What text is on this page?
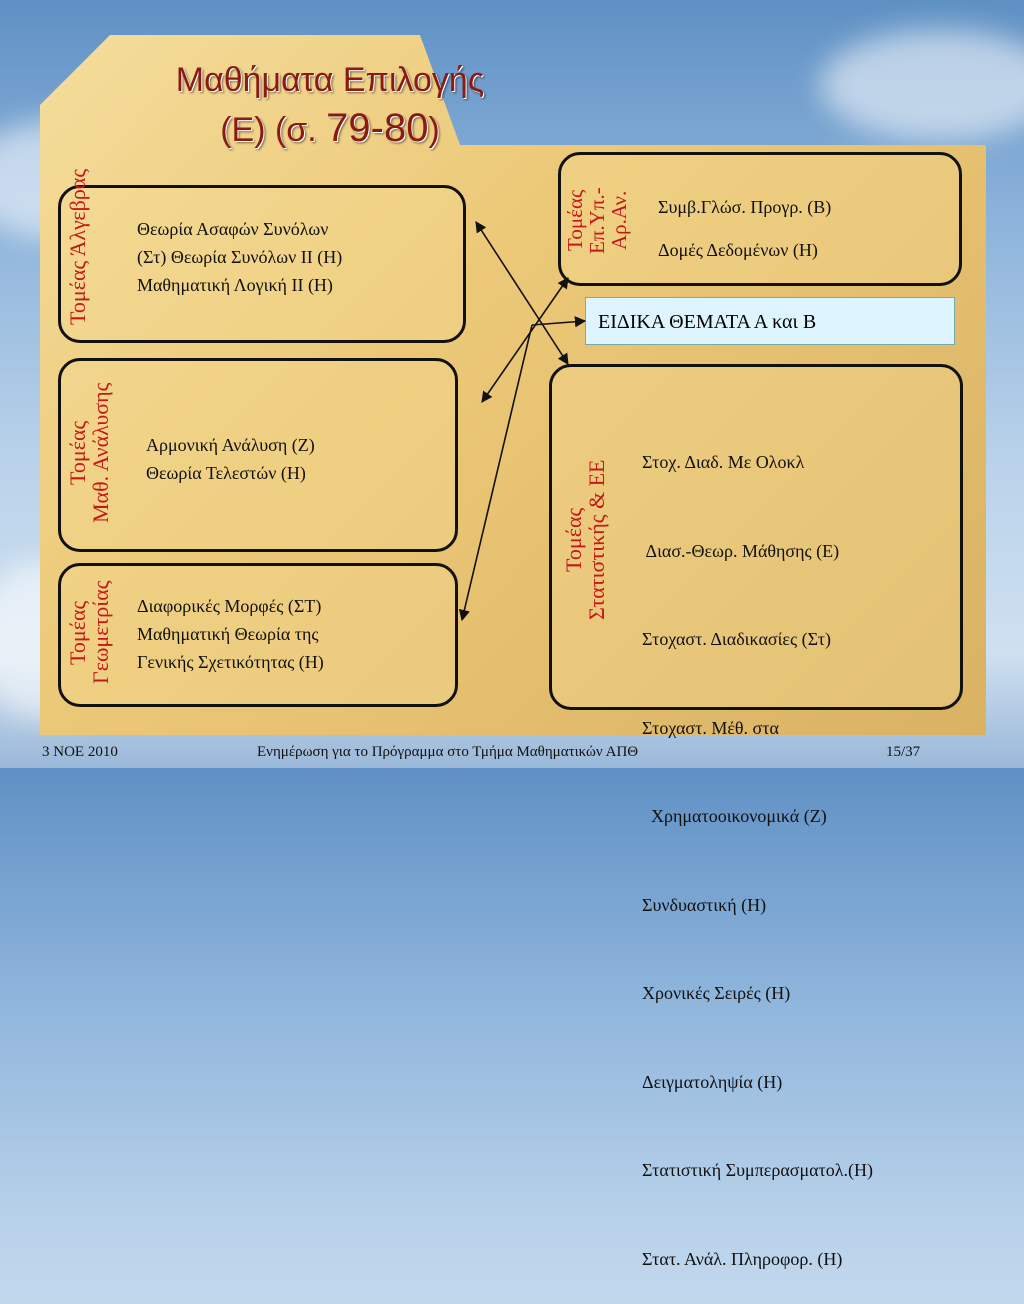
Μαθήματα Επιλογής
(Ε) (σ. 79-80)
Τομέας Άλγεβρας	Θεωρία Ασαφών Συνόλων
(Στ) Θεωρία Συνόλων ΙΙ (Η)
Μαθηματική Λογική ΙΙ (Η)
Τομέας
Μαθ. Ανάλυσης Αρμονική Ανάλυση (Ζ)
Θεωρία Τελεστών (Η)
Τομέας
Γεωμετρίας Διαφορικές Μορφές (ΣΤ)
Μαθηματική Θεωρία της
Γενικής Σχετικότητας (Η)
Τομέας
Επ.Υπ.-
Αρ.Αν. Συμβ.Γλώσ. Προγρ. (Β)
Δομές Δεδομένων (Η)
ΕΙΔΙΚΑ ΘΕΜΑΤΑ Α και Β
Τομέας
Στατιστικής & ΕΕ

Στοχ. Διαδ. Με Ολοκλ

Διασ.-Θεωρ. Μάθησης (Ε)

Στοχαστ. Διαδικασίες (Στ)

Στοχαστ. Μέθ. στα

Χρηματοοικονομικά (Ζ)

Συνδυαστική (Η)

Χρονικές Σειρές (Η)

Δειγματοληψία (Η)

Στατιστική Συμπερασματολ.(Η)

Στατ. Ανάλ. Πληροφορ. (Η)

3 ΝΟΕ 2010	Ενημέρωση για το Πρόγραμμα στο Τμήμα Μαθηματικών ΑΠΘ	15/37
